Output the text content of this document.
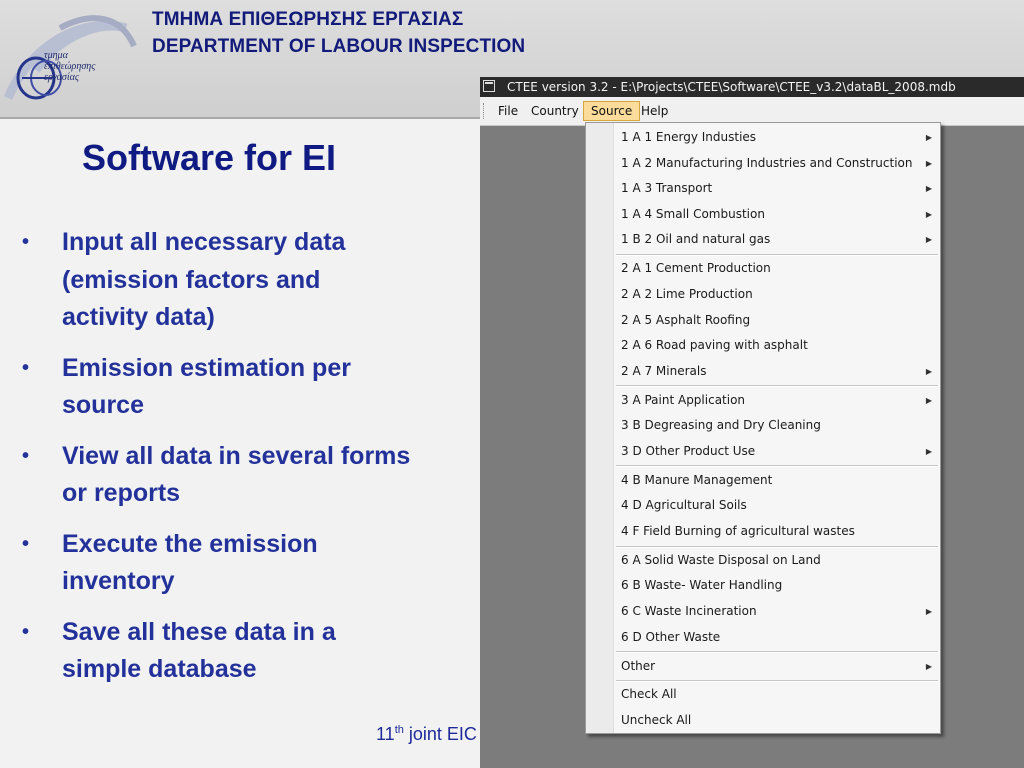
τμημα
επιθεώρησης
εργασίας
ΤΜΗΜΑ ΕΠΙΘΕΩΡΗΣΗΣ ΕΡΓΑΣΙΑΣ
DEPARTMENT OF LABOUR INSPECTION
Software for EI
• Input all necessary data (emission factors and activity data)
• Emission estimation per source
• View all data in several forms or reports
• Execute the emission inventory
• Save all these data in a simple database
11th joint EIC
CTEE version 3.2 - E:\Projects\CTEE\Software\CTEE_v3.2\dataBL_2008.mdb
File	Country	Source Help
1 A 1 Energy Industies	▶
1 A 2 Manufacturing Industries and Construction ▶
1 A 3 Transport	▶
1 A 4 Small Combustion	▶
1 B 2 Oil and natural gas	▶
2 A 1 Cement Production
2 A 2 Lime Production
2 A 5 Asphalt Roofing
2 A 6 Road paving with asphalt
2 A 7 Minerals	▶
3 A Paint Application	▶
3 B Degreasing and Dry Cleaning
3 D Other Product Use	▶
4 B Manure Management
4 D Agricultural Soils
4 F Field Burning of agricultural wastes
6 A Solid Waste Disposal on Land
6 B Waste- Water Handling
6 C Waste Incineration	▶
6 D Other Waste
Other	▶
Check All
Uncheck All
